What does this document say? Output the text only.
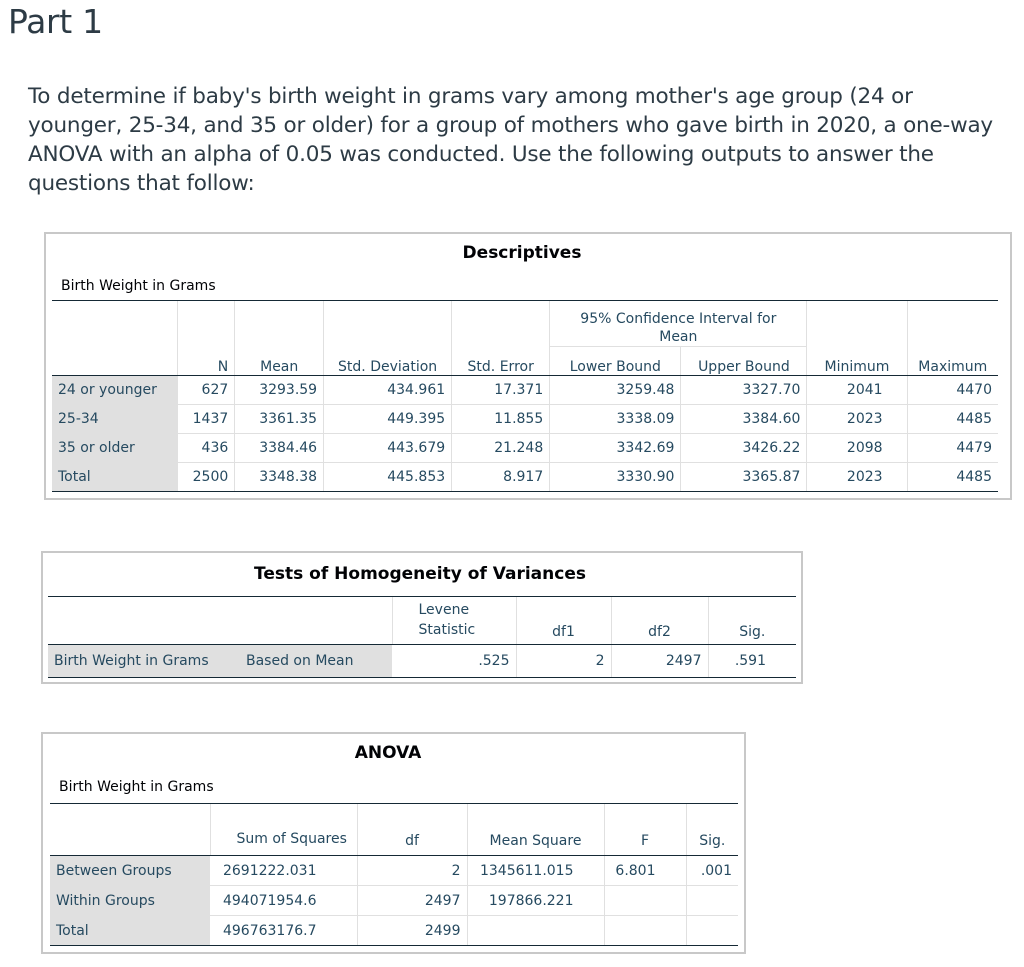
Part 1

To determine if baby's birth weight in grams vary among mother's age group (24 or younger, 25-34, and 35 or older) for a group of mothers who gave birth in 2020, a one-way ANOVA with an alpha of 0.05 was conducted. Use the following outputs to answer the questions that follow:

Descriptives
Birth Weight in Grams
					95% Confidence Interval for Mean			
	N	Mean	Std. Deviation	Std. Error	Lower Bound	Upper Bound	Minimum	Maximum
24 or younger	627	3293.59	434.961	17.371	3259.48	3327.70	2041	4470
25-34	1437	3361.35	449.395	11.855	3338.09	3384.60	2023	4485
35 or older	436	3384.46	443.679	21.248	3342.69	3426.22	2098	4479
Total	2500	3348.38	445.853	8.917	3330.90	3365.87	2023	4485
Tests of Homogeneity of Variances
		Levene Statistic	df1	df2	Sig.
Birth Weight in Grams	Based on Mean	.525	2	2497	.591
ANOVA
Birth Weight in Grams
	Sum of Squares	df	Mean Square	F	Sig.
Between Groups	2691222.031	2	1345611.015	6.801	.001
Within Groups	494071954.6	2497	197866.221		
Total	496763176.7	2499			
